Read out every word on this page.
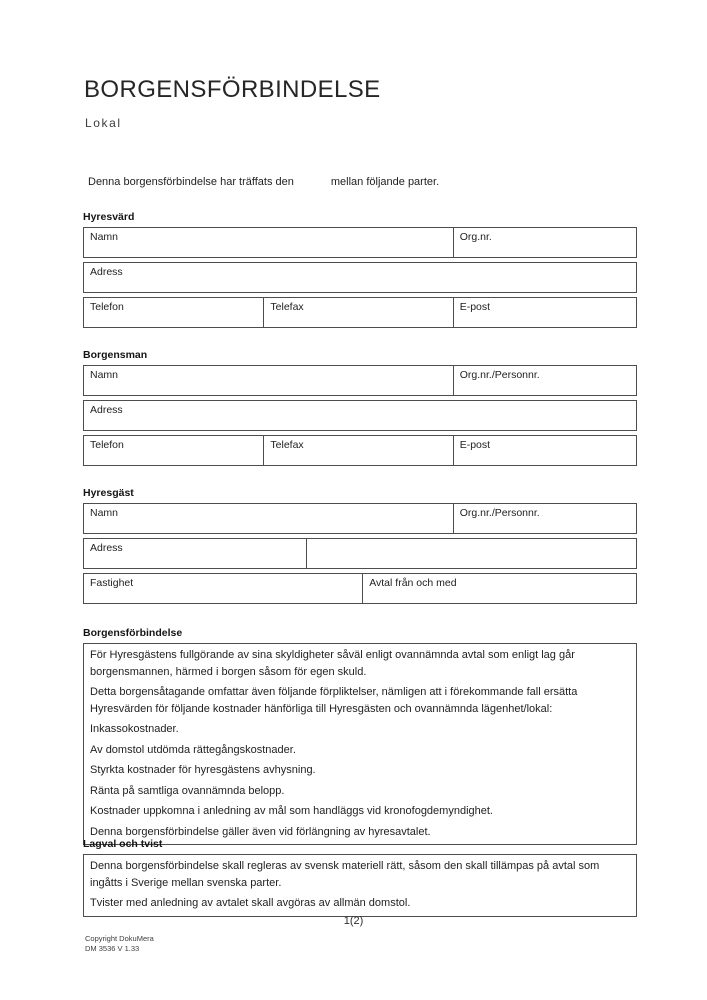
BORGENSFÖRBINDELSE
Lokal
Denna borgensförbindelse har träffats den	mellan följande parter.
Hyresvärd
Namn	Org.nr.
Adress
Telefon	Telefax	E-post
Borgensman
Namn	Org.nr./Personnr.
Adress
Telefon	Telefax	E-post
Hyresgäst
Namn	Org.nr./Personnr.
Adress
Fastighet	Avtal från och med
Borgensförbindelse

För Hyresgästens fullgörande av sina skyldigheter såväl enligt ovannämnda avtal som enligt lag går borgensmannen, härmed i borgen såsom för egen skuld.

Detta borgensåtagande omfattar även följande förpliktelser, nämligen att i förekommande fall ersätta Hyresvärden för följande kostnader hänförliga till Hyresgästen och ovannämnda lägenhet/lokal:

Inkassokostnader.

Av domstol utdömda rättegångskostnader.

Styrkta kostnader för hyresgästens avhysning.

Ränta på samtliga ovannämnda belopp.

Kostnader uppkomna i anledning av mål som handläggs vid kronofogdemyndighet.

Denna borgensförbindelse gäller även vid förlängning av hyresavtalet.

Lagval och tvist

Denna borgensförbindelse skall regleras av svensk materiell rätt, såsom den skall tillämpas på avtal som ingåtts i Sverige mellan svenska parter.

Tvister med anledning av avtalet skall avgöras av allmän domstol.

1(2)
Copyright DokuMera
DM 3536 V 1.33
